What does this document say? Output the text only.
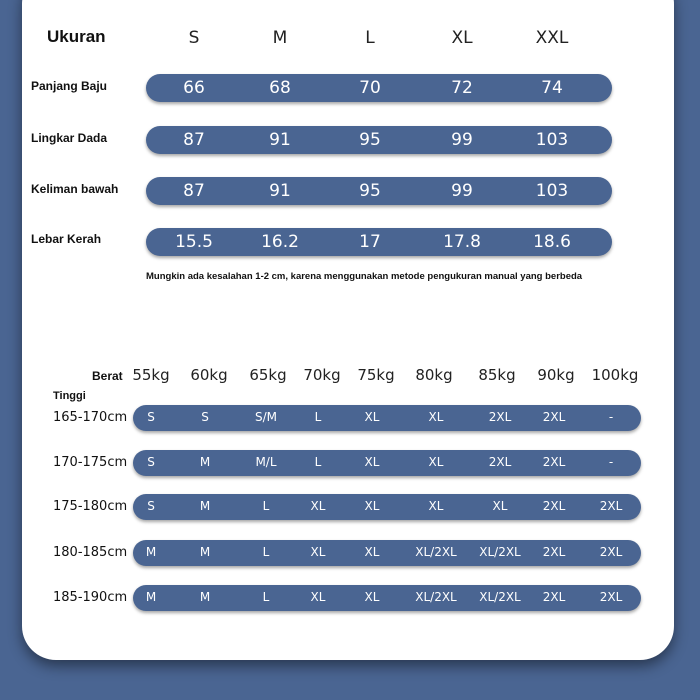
Ukuran	S	M	L	XL	XXL
Panjang Baju	66	68	70	72	74
Lingkar Dada	87	91	95	99	103
Keliman bawah	87	91	95	99	103
Lebar Kerah	15.5	16.2	17	17.8	18.6
Mungkin ada kesalahan 1-2 cm, karena menggunakan metode pengukuran manual yang berbeda
Berat
Tinggi
55kg	60kg	65kg	70kg	75kg	80kg	85kg	90kg	100kg
165-170cm	S	S	S/M	L	XL	XL	2XL	2XL	-
170-175cm	S	M	M/L	L	XL	XL	2XL	2XL	-
175-180cm	S	M	L	XL	XL	XL	XL	2XL	2XL
180-185cm	M	M	L	XL	XL	XL/2XL	XL/2XL	2XL	2XL
185-190cm	M	M	L	XL	XL	XL/2XL	XL/2XL	2XL	2XL
